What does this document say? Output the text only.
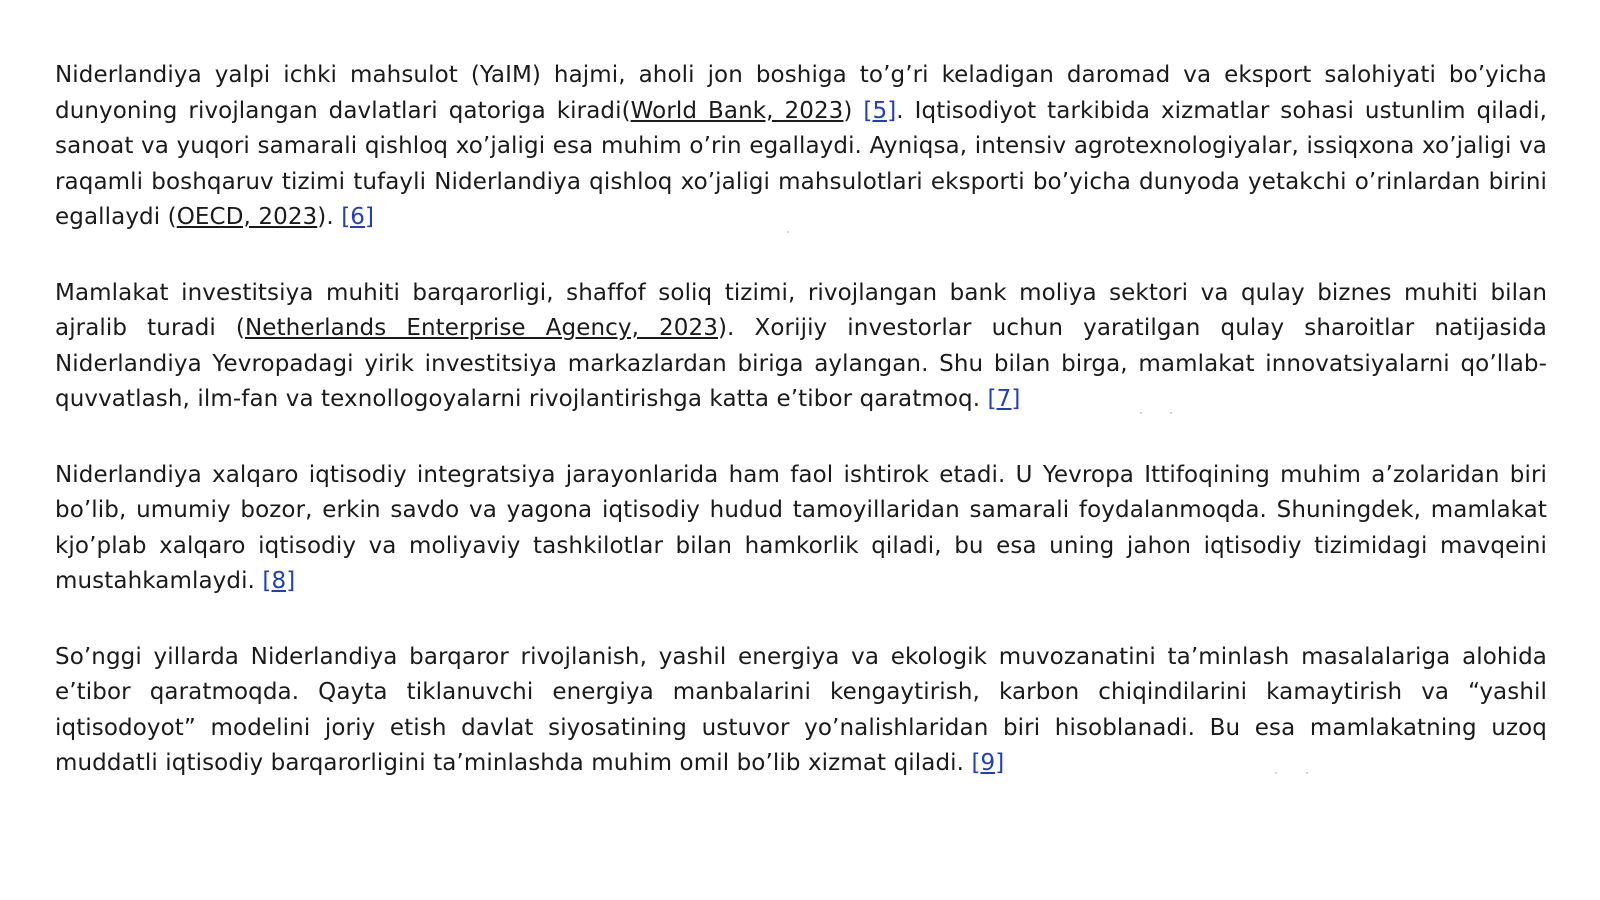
Niderlandiya yalpi ichki mahsulot (YaIM) hajmi, aholi jon boshiga to’g’ri keladigan daromad va eksport salohiyati bo’yicha dunyoning rivojlangan davlatlari qatoriga kiradi(World Bank, 2023) [5]. Iqtisodiyot tarkibida xizmatlar sohasi ustunlim qiladi, sanoat va yuqori samarali qishloq xo’jaligi esa muhim o’rin egallaydi. Ayniqsa, intensiv agrotexnologiyalar, issiqxona xo’jaligi va raqamli boshqaruv tizimi tufayli Niderlandiya qishloq xo’jaligi mahsulotlari eksporti bo’yicha dunyoda yetakchi o’rinlardan birini egallaydi (OECD, 2023). [6]

Mamlakat investitsiya muhiti barqarorligi, shaffof soliq tizimi, rivojlangan bank moliya sektori va qulay biznes muhiti bilan ajralib turadi (Netherlands Enterprise Agency, 2023). Xorijiy investorlar uchun yaratilgan qulay sharoitlar natijasida Niderlandiya Yevropadagi yirik investitsiya markazlardan biriga aylangan. Shu bilan birga, mamlakat innovatsiyalarni qo’llab-quvvatlash, ilm-fan va texnollogoyalarni rivojlantirishga katta e’tibor qaratmoq. [7]

Niderlandiya xalqaro iqtisodiy integratsiya jarayonlarida ham faol ishtirok etadi. U Yevropa Ittifoqining muhim a’zolaridan biri bo’lib, umumiy bozor, erkin savdo va yagona iqtisodiy hudud tamoyillaridan samarali foydalanmoqda. Shuningdek, mamlakat kjo’plab xalqaro iqtisodiy va moliyaviy tashkilotlar bilan hamkorlik qiladi, bu esa uning jahon iqtisodiy tizimidagi mavqeini mustahkamlaydi. [8]

So’nggi yillarda Niderlandiya barqaror rivojlanish, yashil energiya va ekologik muvozanatini ta’minlash masalalariga alohida e’tibor qaratmoqda. Qayta tiklanuvchi energiya manbalarini kengaytirish, karbon chiqindilarini kamaytirish va “yashil iqtisodoyot” modelini joriy etish davlat siyosatining ustuvor yo’nalishlaridan biri hisoblanadi. Bu esa mamlakatning uzoq muddatli iqtisodiy barqarorligini ta’minlashda muhim omil bo’lib xizmat qiladi. [9]
